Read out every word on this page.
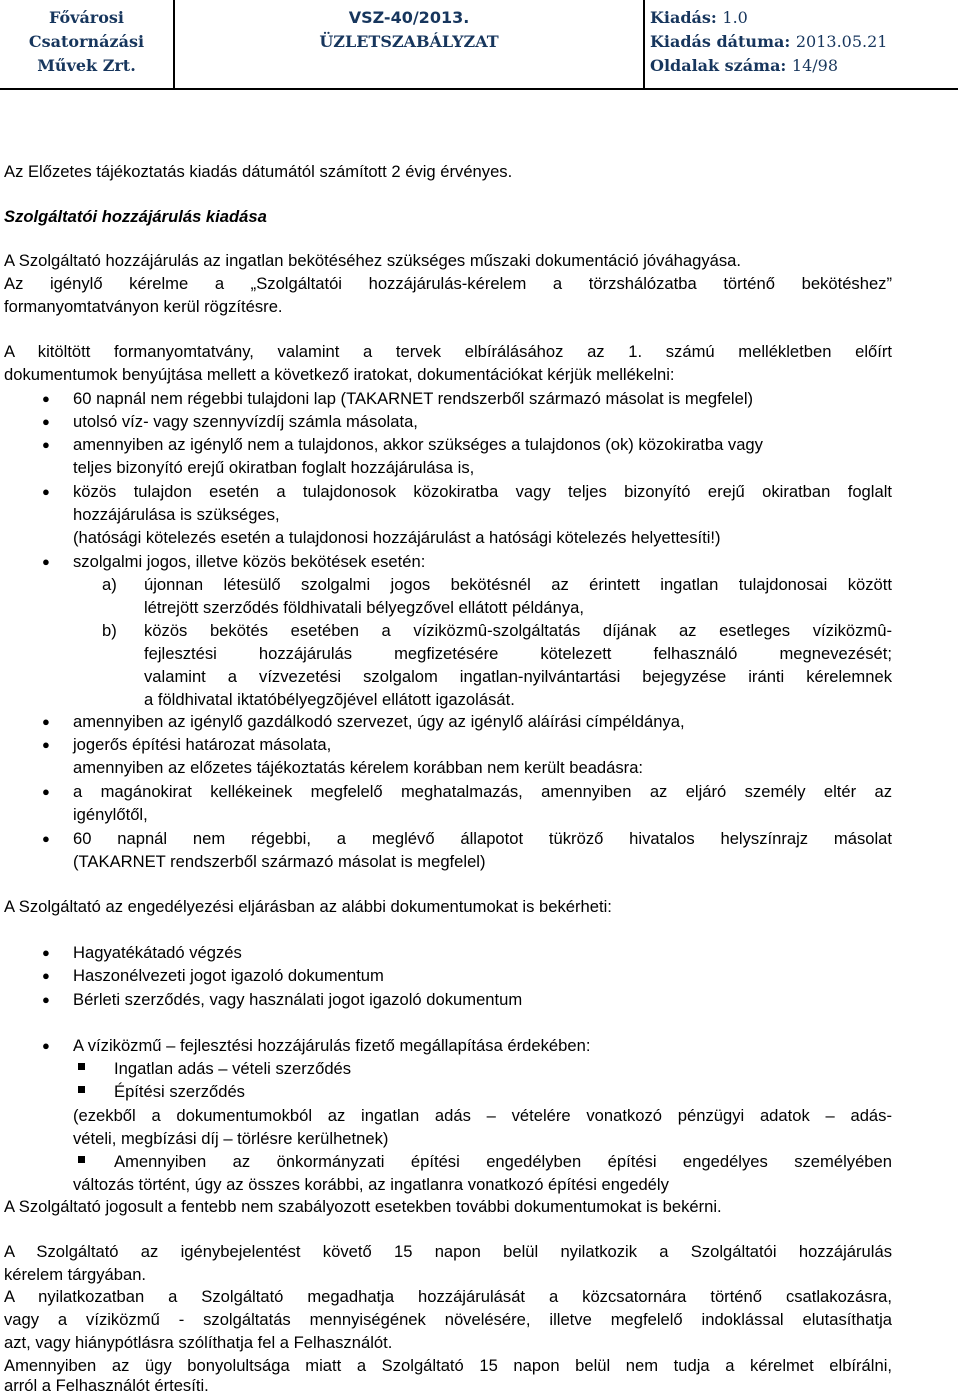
Fővárosi
Csatornázási
Művek Zrt.
VSZ-40/2013.
ÜZLETSZABÁLYZAT
Kiadás: 1.0
Kiadás dátuma: 2013.05.21
Oldalak száma: 14/98
Az Előzetes tájékoztatás kiadás dátumától számított 2 évig érvényes.
Szolgáltatói hozzájárulás kiadása
A Szolgáltató hozzájárulás az ingatlan bekötéséhez szükséges műszaki dokumentáció jóváhagyása.
Az igénylő kérelme a „Szolgáltatói hozzájárulás-kérelem a törzshálózatba történő bekötéshez”
formanyomtatványon kerül rögzítésre.
A kitöltött formanyomtatvány, valamint a tervek elbírálásához az 1. számú mellékletben előírt
dokumentumok benyújtása mellett a következő iratokat, dokumentációkat kérjük mellékelni:
● 60 napnál nem régebbi tulajdoni lap (TAKARNET rendszerből származó másolat is megfelel)
● utolsó víz- vagy szennyvízdíj számla másolata,
● amennyiben az igénylő nem a tulajdonos, akkor szükséges a tulajdonos (ok) közokiratba vagy
teljes bizonyító erejű okiratban foglalt hozzájárulása is,
● közös tulajdon esetén a tulajdonosok közokiratba vagy teljes bizonyító erejű okiratban foglalt
hozzájárulása is szükséges,
(hatósági kötelezés esetén a tulajdonosi hozzájárulást a hatósági kötelezés helyettesíti!)
● szolgalmi jogos, illetve közös bekötések esetén:
a) újonnan létesülő szolgalmi jogos bekötésnél az érintett ingatlan tulajdonosai között
létrejött szerződés földhivatali bélyegzővel ellátott példánya,
b) közös bekötés esetében a víziközmû-szolgáltatás díjának az esetleges víziközmû-
fejlesztési hozzájárulás megfizetésére kötelezett felhasználó megnevezését;
valamint a vízvezetési szolgalom ingatlan-nyilvántartási bejegyzése iránti kérelemnek
a földhivatal iktatóbélyegzõjével ellátott igazolását.
● amennyiben az igénylő gazdálkodó szervezet, úgy az igénylő aláírási címpéldánya,
● jogerős építési határozat másolata,
amennyiben az előzetes tájékoztatás kérelem korábban nem került beadásra:
● a magánokirat kellékeinek megfelelő meghatalmazás, amennyiben az eljáró személy eltér az
igénylőtől,
● 60 napnál nem régebbi, a meglévő állapotot tükröző hivatalos helyszínrajz másolat
(TAKARNET rendszerből származó másolat is megfelel)
A Szolgáltató az engedélyezési eljárásban az alábbi dokumentumokat is bekérheti:
● Hagyatékátadó végzés
● Haszonélvezeti jogot igazoló dokumentum
● Bérleti szerződés, vagy használati jogot igazoló dokumentum
● A víziközmű – fejlesztési hozzájárulás fizető megállapítása érdekében:
Ingatlan adás – vételi szerződés
Építési szerződés
(ezekből a dokumentumokból az ingatlan adás – vételére vonatkozó pénzügyi adatok – adás-
vételi, megbízási díj – törlésre kerülhetnek)
Amennyiben az önkormányzati építési engedélyben építési engedélyes személyében
változás történt, úgy az összes korábbi, az ingatlanra vonatkozó építési engedély
A Szolgáltató jogosult a fentebb nem szabályozott esetekben további dokumentumokat is bekérni.
A Szolgáltató az igénybejelentést követő 15 napon belül nyilatkozik a Szolgáltatói hozzájárulás
kérelem tárgyában.
A nyilatkozatban a Szolgáltató megadhatja hozzájárulását a közcsatornára történő csatlakozásra,
vagy a víziközmű - szolgáltatás mennyiségének növelésére, illetve megfelelő indoklással elutasíthatja
azt, vagy hiánypótlásra szólíthatja fel a Felhasználót.
Amennyiben az ügy bonyolultsága miatt a Szolgáltató 15 napon belül nem tudja a kérelmet elbírálni,
arról a Felhasználót értesíti.
